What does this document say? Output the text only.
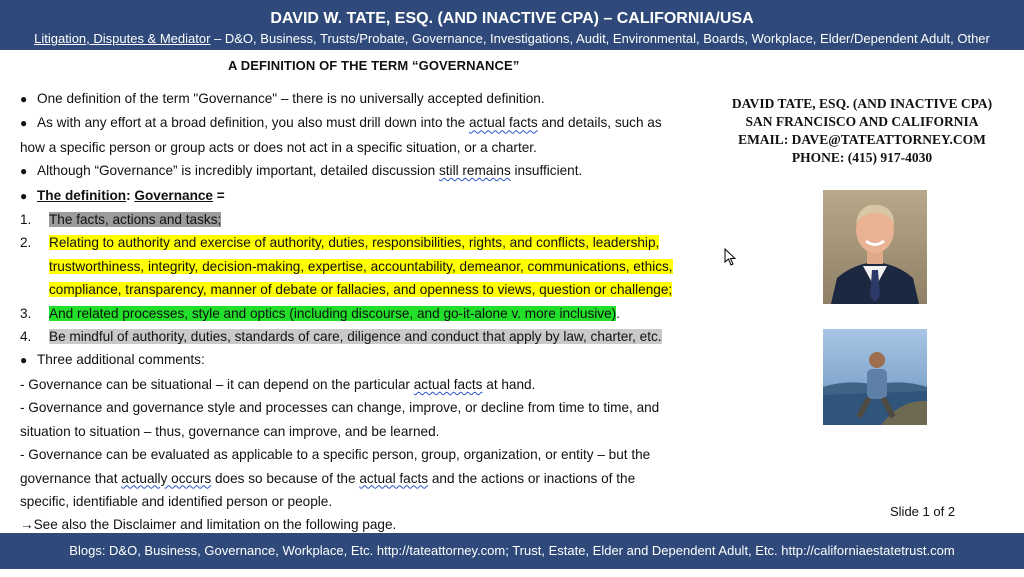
DAVID W. TATE, ESQ. (AND INACTIVE CPA) – CALIFORNIA/USA
Litigation, Disputes & Mediator – D&O, Business, Trusts/Probate, Governance, Investigations, Audit, Environmental, Boards, Workplace, Elder/Dependent Adult, Other
A DEFINITION OF THE TERM “GOVERNANCE”
● One definition of the term "Governance" – there is no universally accepted definition.
● As with any effort at a broad definition, you also must drill down into the actual facts and details, such as
how a specific person or group acts or does not act in a specific situation, or a charter.
● Although “Governance” is incredibly important, detailed discussion still remains insufficient.
● The definition: Governance =
1. The facts, actions and tasks;
2. Relating to authority and exercise of authority, duties, responsibilities, rights, and conflicts, leadership,
trustworthiness, integrity, decision-making, expertise, accountability, demeanor, communications, ethics,
compliance, transparency, manner of debate or fallacies, and openness to views, question or challenge;
3. And related processes, style and optics (including discourse, and go-it-alone v. more inclusive).
4. Be mindful of authority, duties, standards of care, diligence and conduct that apply by law, charter, etc.
● Three additional comments:
- Governance can be situational – it can depend on the particular actual facts at hand.
- Governance and governance style and processes can change, improve, or decline from time to time, and
situation to situation – thus, governance can improve, and be learned.
- Governance can be evaluated as applicable to a specific person, group, organization, or entity – but the
governance that actually occurs does so because of the actual facts and the actions or inactions of the
specific, identifiable and identified person or people.
→See also the Disclaimer and limitation on the following page.
DAVID TATE, ESQ. (AND INACTIVE CPA)
SAN FRANCISCO AND CALIFORNIA
EMAIL: DAVE@TATEATTORNEY.COM
PHONE: (415) 917-4030
Slide 1 of 2
Blogs: D&O, Business, Governance, Workplace, Etc. http://tateattorney.com; Trust, Estate, Elder and Dependent Adult, Etc. http://californiaestatetrust.com
